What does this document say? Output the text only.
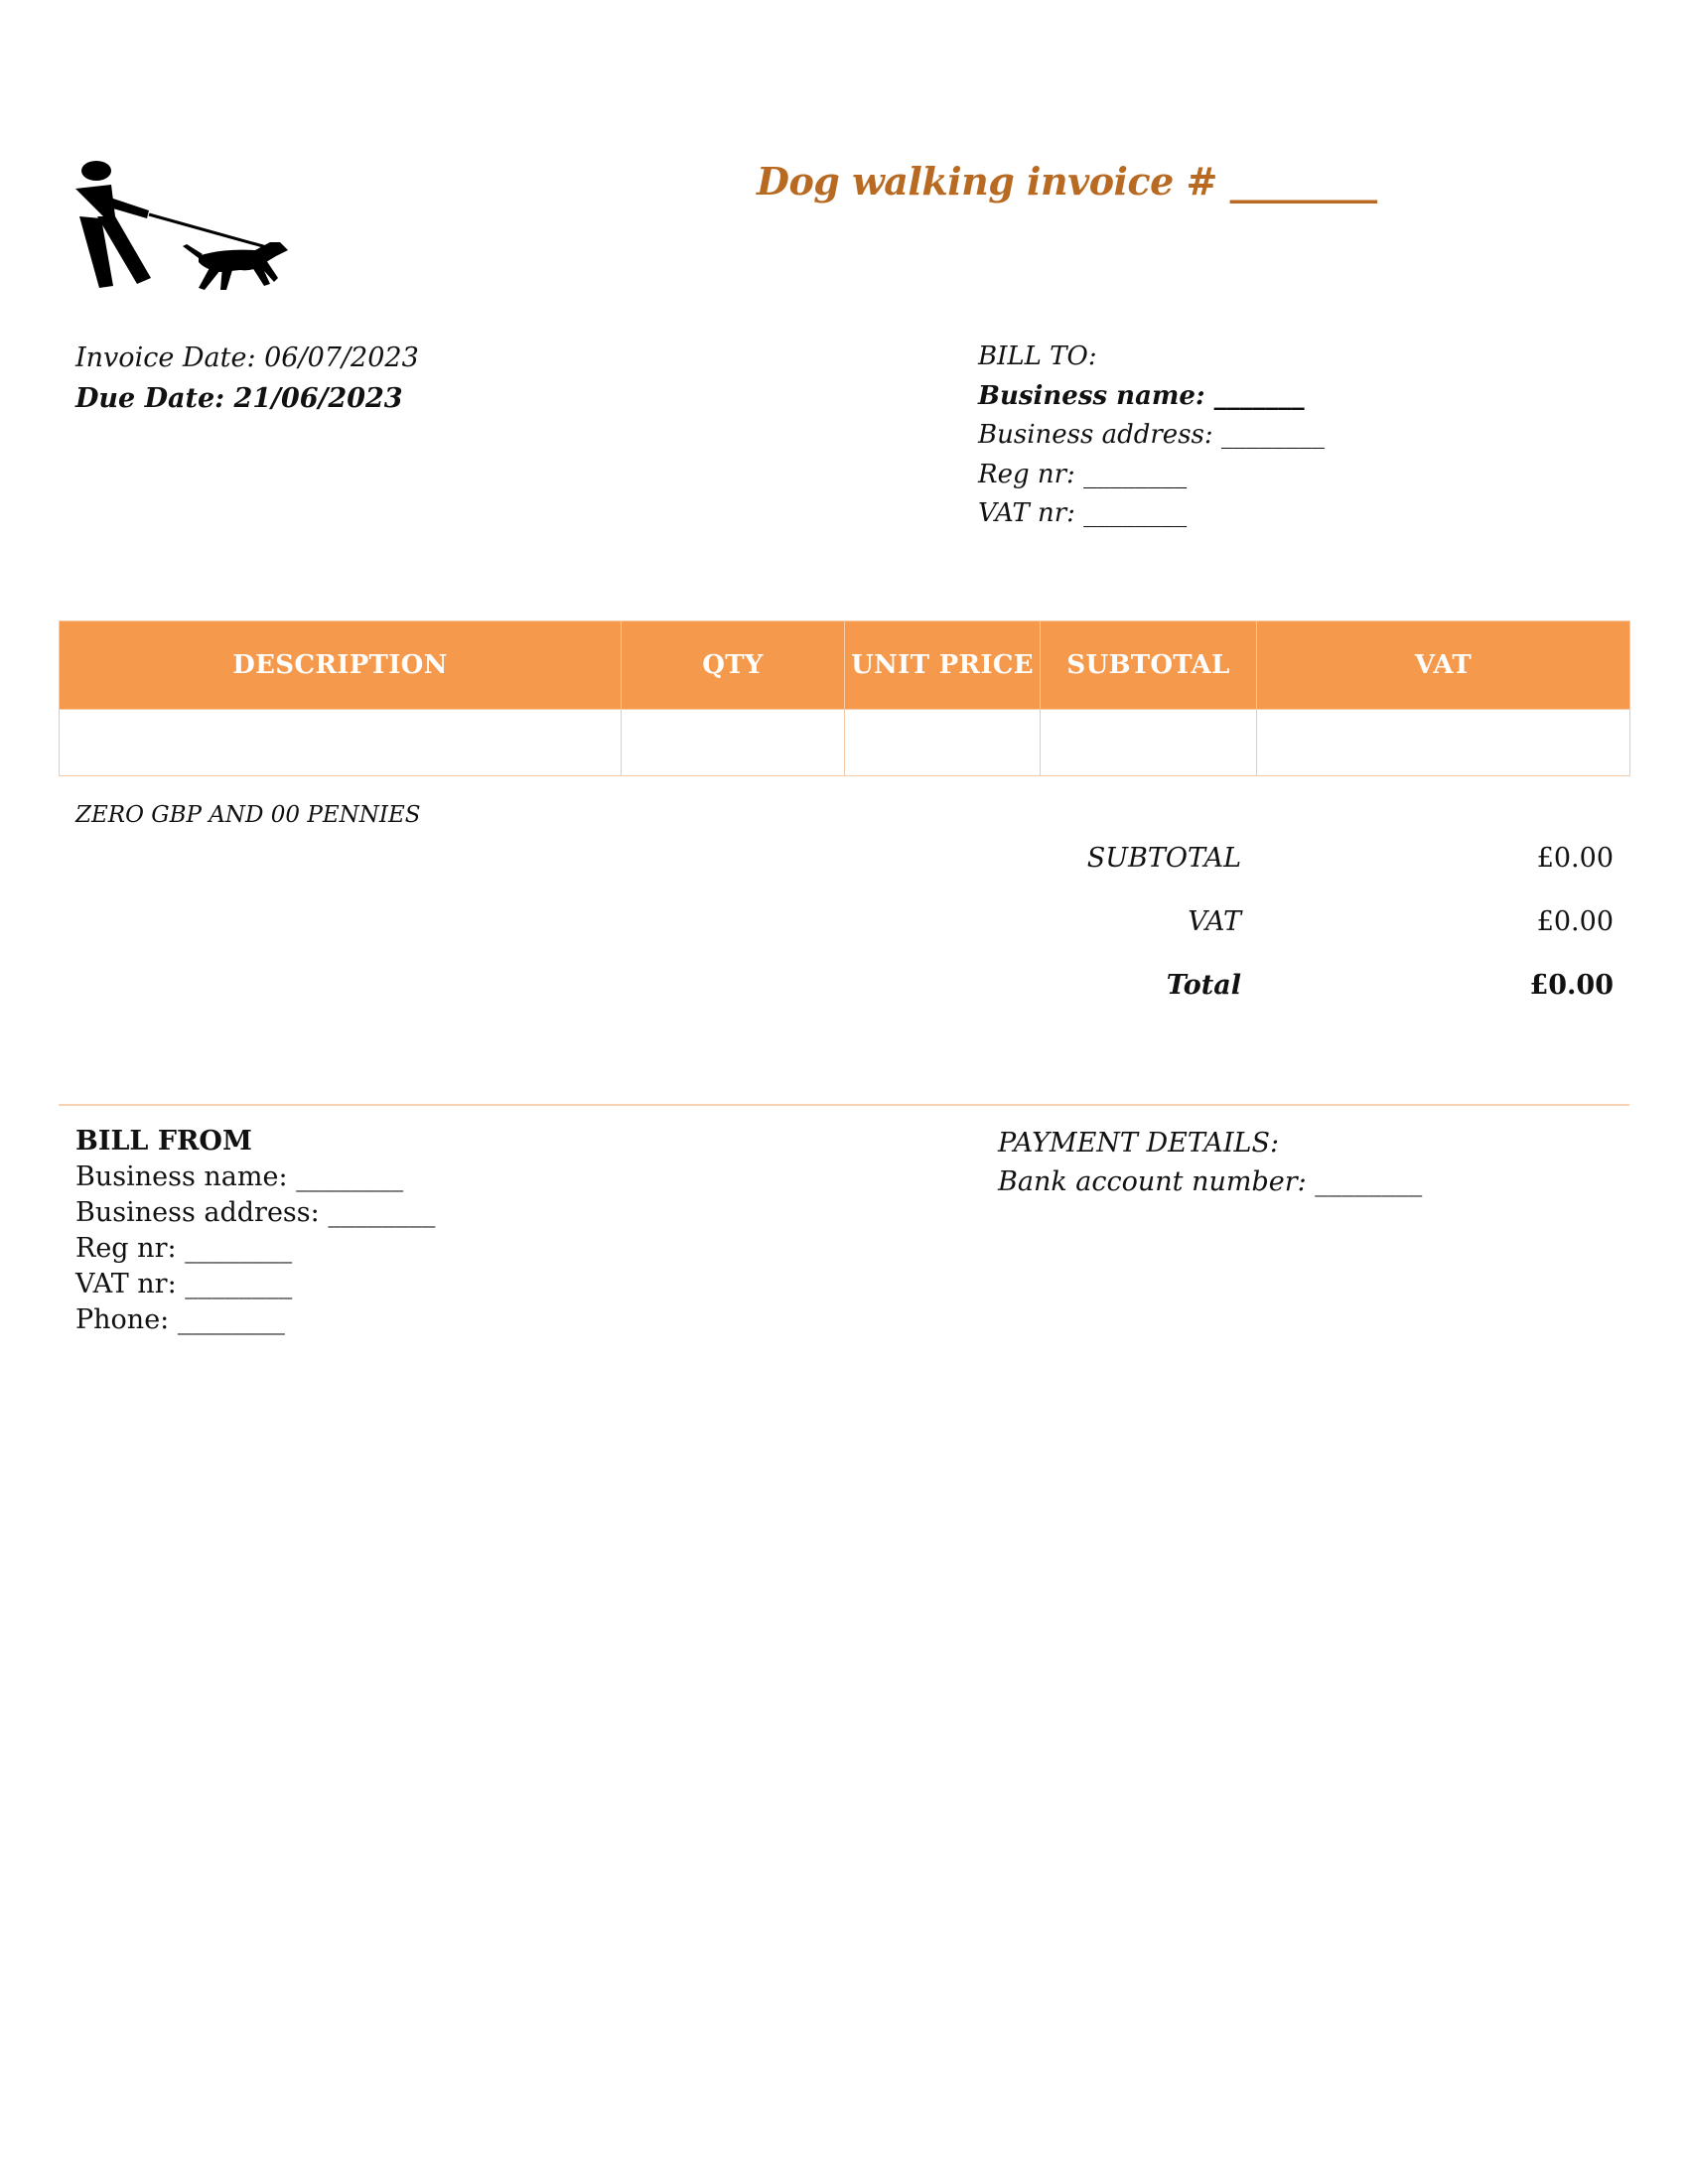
Dog walking invoice # ________
Invoice Date: 06/07/2023
Due Date: 21/06/2023
BILL TO:
Business name: _______
Business address: ________
Reg nr: ________
VAT nr: ________
DESCRIPTION	QTY	UNIT PRICE	SUBTOTAL	VAT

ZERO GBP AND 00 PENNIES
SUBTOTAL	£0.00
VAT	£0.00
Total	£0.00
BILL FROM
Business name: ________
Business address: ________
Reg nr: ________
VAT nr: ________
Phone: ________
PAYMENT DETAILS:
Bank account number: ________
